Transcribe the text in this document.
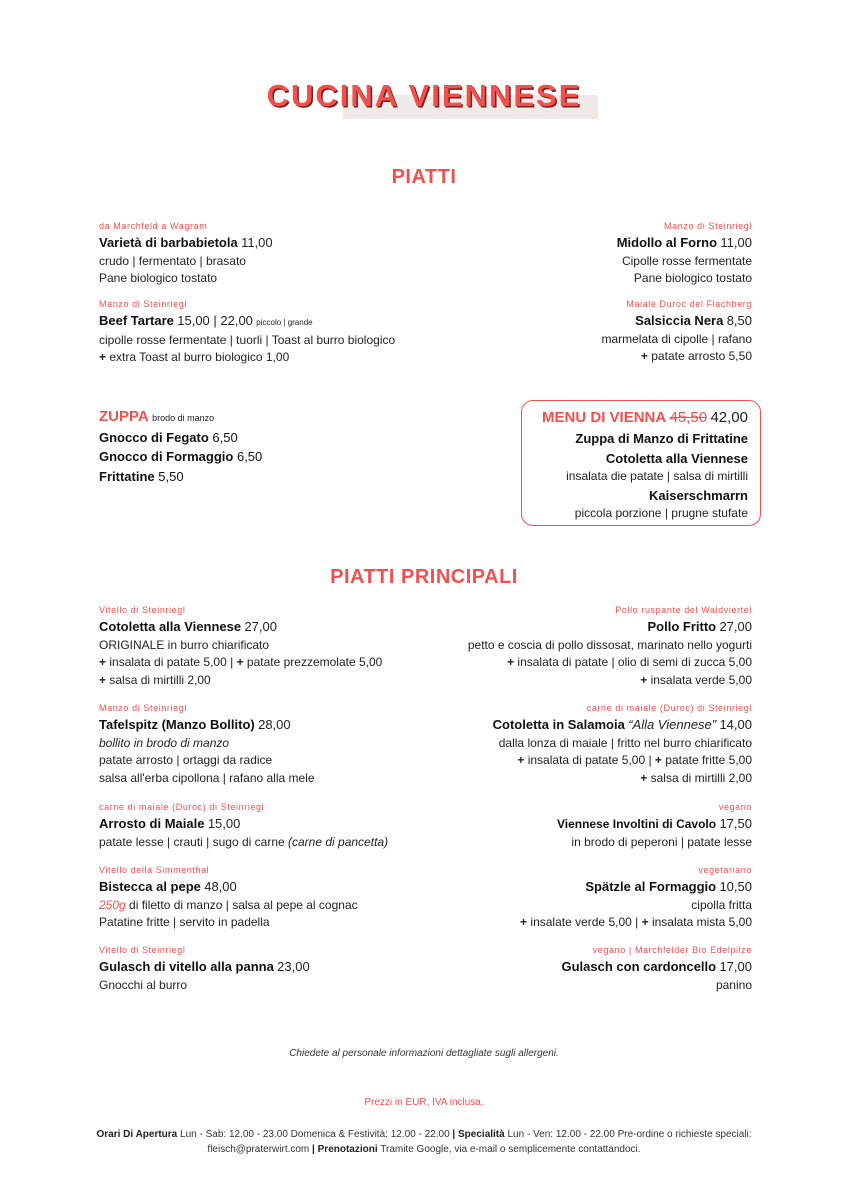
CUCINA VIENNESE
PIATTI
da Marchfeld a Wagram
Varietà di barbabietola 11,00
crudo | fermentato | brasato
Pane biologico tostato
Manzo di Steinriegl
Beef Tartare 15,00 | 22,00 piccolo | grande
cipolle rosse fermentate | tuorli | Toast al burro biologico
+ extra Toast al burro biologico 1,00
Manzo di Steinriegl
Midollo al Forno 11,00
Cipolle rosse fermentate
Pane biologico tostato
Maiale Duroc del Flachberg
Salsiccia Nera 8,50
marmelata di cipolle | rafano
+ patate arrosto 5,50
ZUPPA brodo di manzo
Gnocco di Fegato 6,50
Gnocco di Formaggio 6,50
Frittatine 5,50
MENU DI VIENNA 45,50 42,00
Zuppa di Manzo di Frittatine
Cotoletta alla Viennese
insalata die patate | salsa di mirtilli
Kaiserschmarrn
piccola porzione | prugne stufate
PIATTI PRINCIPALI
Vitello di Steinriegl
Cotoletta alla Viennese 27,00
ORIGINALE in burro chiarificato
+ insalata di patate 5,00 | + patate prezzemolate 5,00
+ salsa di mirtilli 2,00
Manzo di Steinriegl
Tafelspitz (Manzo Bollito) 28,00
bollito in brodo di manzo
patate arrosto | ortaggi da radice
salsa all'erba cipollona | rafano alla mele
carne di maiale (Duroc) di Steinriegl
Arrosto di Maiale 15,00
patate lesse | crauti | sugo di carne (carne di pancetta)
Vitello della Simmenthal
Bistecca al pepe 48,00
250g di filetto di manzo | salsa al pepe al cognac
Patatine fritte | servito in padella
Vitello di Steinriegl
Gulasch di vitello alla panna 23,00
Gnocchi al burro
Pollo ruspante del Waldviertel
Pollo Fritto 27,00
petto e coscia di pollo dissosat, marinato nello yogurti
+ insalata di patate | olio di semi di zucca 5,00
+ insalata verde 5,00
carne di maiale (Duroc) di Steinriegl
Cotoletta in Salamoia “Alla Viennese” 14,00
dalla lonza di maiale | fritto nel burro chiarificato
+ insalata di patate 5,00 | + patate fritte 5,00
+ salsa di mirtilli 2,00
vegano
Viennese Involtini di Cavolo 17,50
in brodo di peperoni | patate lesse
vegetariano
Spätzle al Formaggio 10,50
cipolla fritta
+ insalate verde 5,00 | + insalata mista 5,00
vegano | Marchfelder Bio Edelpilze
Gulasch con cardoncello 17,00
panino
Chiedete al personale informazioni dettagliate sugli allergeni.
Prezzi in EUR, IVA inclusa.
Orari Di Apertura Lun - Sab: 12.00 - 23.00 Domenica & Festività: 12.00 - 22.00 | Specialità Lun - Ven: 12.00 - 22.00 Pre-ordine o richieste speciali:
fleisch@praterwirt.com | Prenotazioni Tramite Google, via e-mail o semplicemente contattandoci.
